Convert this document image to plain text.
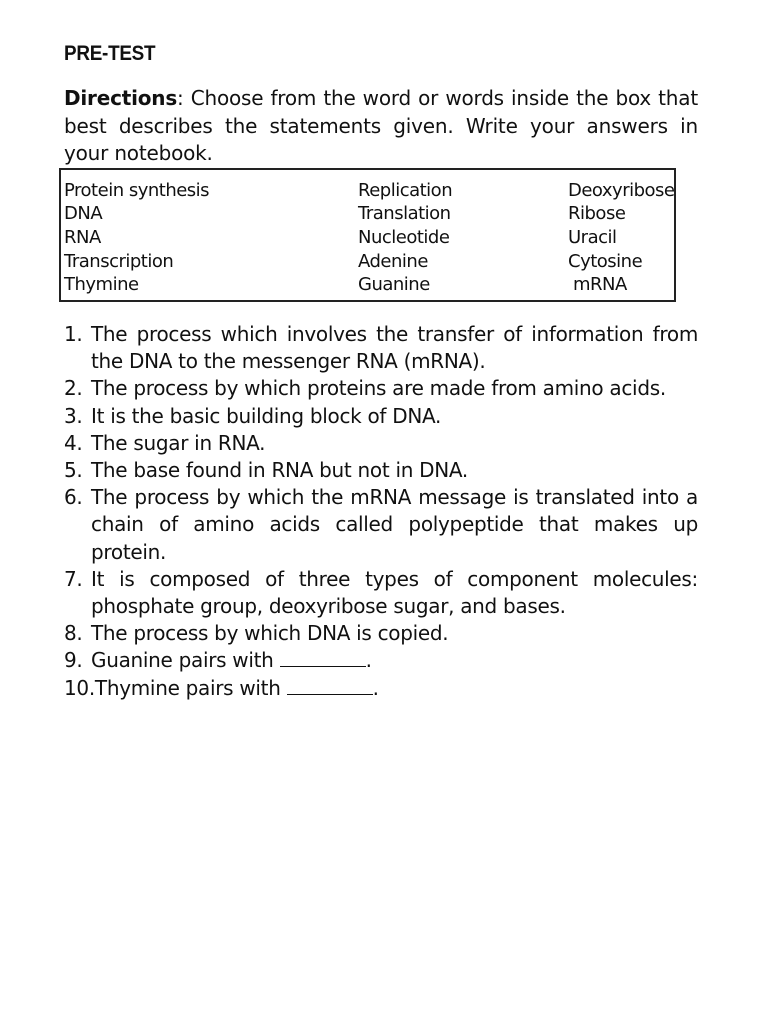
PRE-TEST
Directions: Choose from the word or words inside the box that best describes the statements given. Write your answers in your notebook.
Protein synthesis
DNA
RNA
Transcription
Thymine
Replication
Translation
Nucleotide
Adenine
Guanine
Deoxyribose
Ribose
Uracil
Cytosine
mRNA
1. The process which involves the transfer of information from the DNA to the messenger RNA (mRNA).
2. The process by which proteins are made from amino acids.
3. It is the basic building block of DNA.
4. The sugar in RNA.
5. The base found in RNA but not in DNA.
6. The process by which the mRNA message is translated into a chain of amino acids called polypeptide that makes up protein.
7. It is composed of three types of component molecules: phosphate group, deoxyribose sugar, and bases.
8. The process by which DNA is copied.
9. Guanine pairs with	.
10.Thymine pairs with	.
